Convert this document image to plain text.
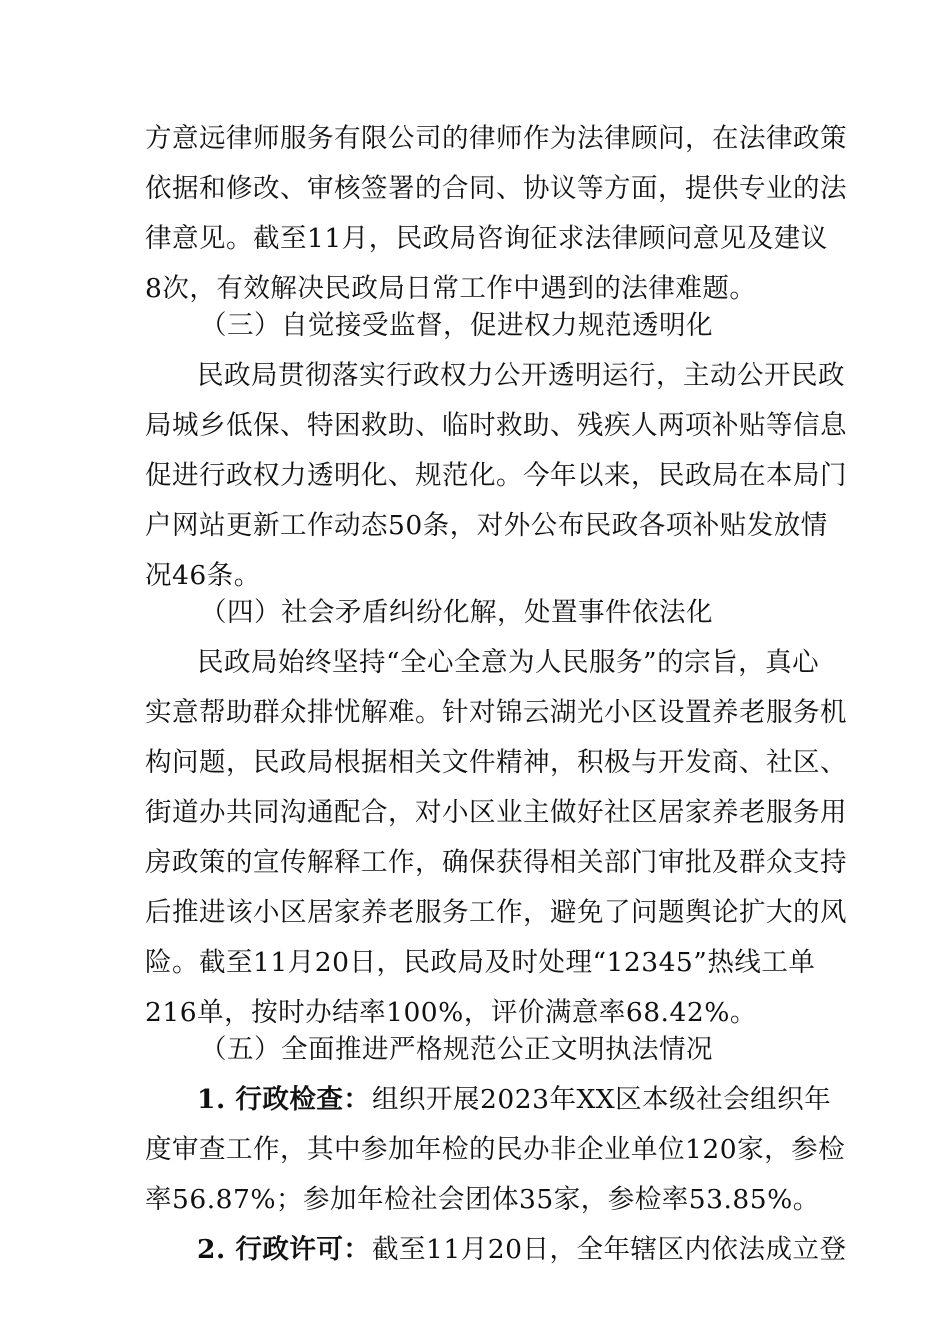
方意远律师服务有限公司的律师作为法律顾问，在法律政策
依据和修改、审核签署的合同、协议等方面，提供专业的法
律意见。截至11月，民政局咨询征求法律顾问意见及建议
8次，有效解决民政局日常工作中遇到的法律难题。
（三）自觉接受监督，促进权力规范透明化
民政局贯彻落实行政权力公开透明运行，主动公开民政
局城乡低保、特困救助、临时救助、残疾人两项补贴等信息
促进行政权力透明化、规范化。今年以来，民政局在本局门
户网站更新工作动态50条，对外公布民政各项补贴发放情
况46条。
（四）社会矛盾纠纷化解，处置事件依法化
民政局始终坚持“全心全意为人民服务”的宗旨，真心
实意帮助群众排忧解难。针对锦云湖光小区设置养老服务机
构问题，民政局根据相关文件精神，积极与开发商、社区、
街道办共同沟通配合，对小区业主做好社区居家养老服务用
房政策的宣传解释工作，确保获得相关部门审批及群众支持
后推进该小区居家养老服务工作，避免了问题舆论扩大的风
险。截至11月20日，民政局及时处理“12345”热线工单
216单，按时办结率100%，评价满意率68.42%。
（五）全面推进严格规范公正文明执法情况
1. 行政检查： 组织开展2023年XX区本级社会组织年
度审查工作，其中参加年检的民办非企业单位120家，参检
率56.87%；参加年检社会团体35家，参检率53.85%。
2. 行政许可： 截至11月20日，全年辖区内依法成立登
